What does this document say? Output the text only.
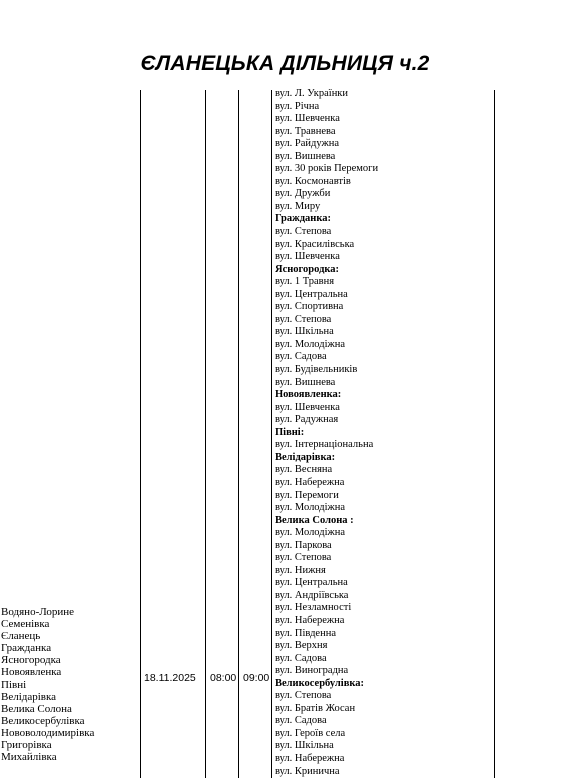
ЄЛАНЕЦЬКА ДІЛЬНИЦЯ ч.2
Водяно-Лорине
Семенівка
Єланець
Гражданка
Ясногородка
Новоявленка
Півні
Велідарівка
Велика Солона
Великосербулівка
Нововолодимирівка
Григорівка
Михайлівка
18.11.2025 08:00 09:00
вул. Л. Українки
вул. Річна
вул. Шевченка
вул. Травнева
вул. Райдужна
вул. Вишнева
вул. 30 років Перемоги
вул. Космонавтів
вул. Дружби
вул. Миру
Гражданка:
вул. Степова
вул. Красилівська
вул. Шевченка
Ясногородка:
вул. 1 Травня
вул. Центральна
вул. Спортивна
вул. Степова
вул. Шкільна
вул. Молодіжна
вул. Садова
вул. Будівельників
вул. Вишнева
Новоявленка:
вул. Шевченка
вул. Радужная
Півні:
вул. Інтернаціональна
Велідарівка:
вул. Весняна
вул. Набережна
вул. Перемоги
вул. Молодіжна
Велика Солона :
вул. Молодіжна
вул. Паркова
вул. Степова
вул. Нижня
вул. Центральна
вул. Андріївська
вул. Незламності
вул. Набережна
вул. Південна
вул. Верхня
вул. Садова
вул. Виноградна
Великосербулівка:
вул. Степова
вул. Братів Жосан
вул. Садова
вул. Героїв села
вул. Шкільна
вул. Набережна
вул. Кринична
